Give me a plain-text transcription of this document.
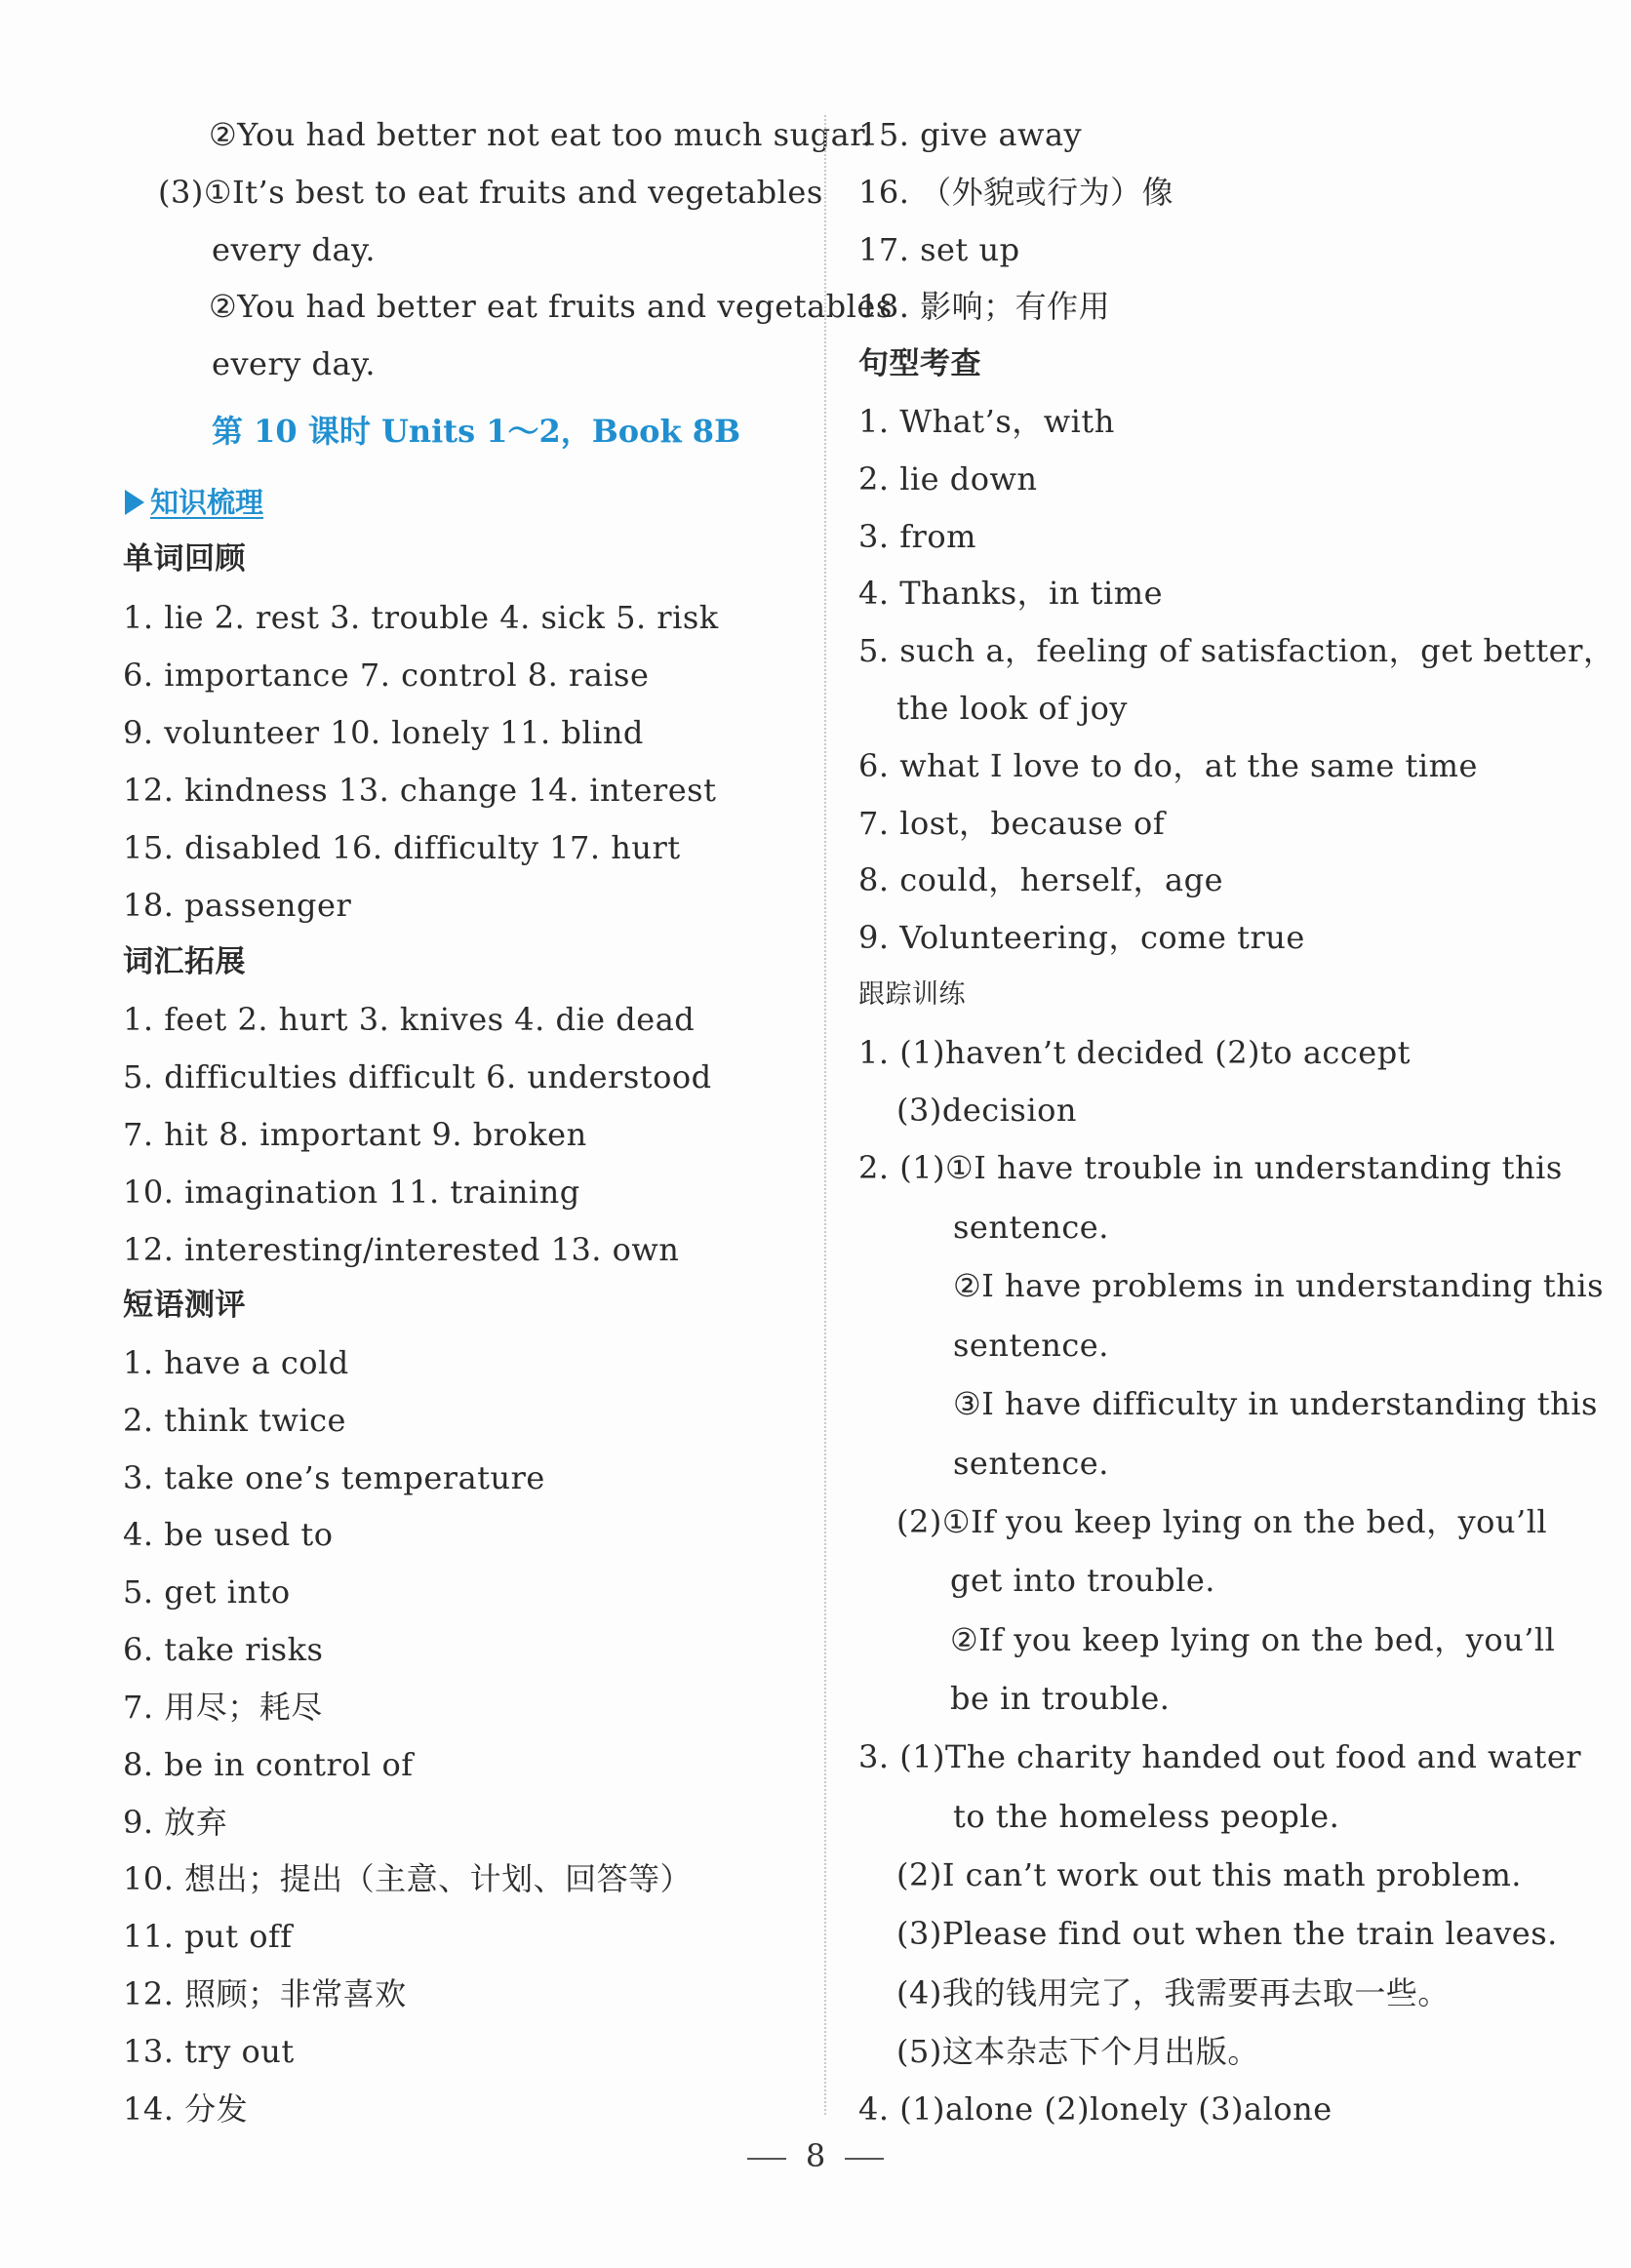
②You had better not eat too much sugar.
(3)①It’s best to eat fruits and vegetables
every day.
②You had better eat fruits and vegetables
every day.
第 10 课时 Units 1～2，Book 8B
知识梳理
单词回顾
1. lie 2. rest 3. trouble 4. sick 5. risk
6. importance 7. control 8. raise
9. volunteer 10. lonely 11. blind
12. kindness 13. change 14. interest
15. disabled 16. difficulty 17. hurt
18. passenger
词汇拓展
1. feet 2. hurt 3. knives 4. die dead
5. difficulties difficult 6. understood
7. hit 8. important 9. broken
10. imagination 11. training
12. interesting/interested 13. own
短语测评
1. have a cold
2. think twice
3. take one’s temperature
4. be used to
5. get into
6. take risks
7. 用尽；耗尽
8. be in control of
9. 放弃
10. 想出；提出（主意、计划、回答等）
11. put off
12. 照顾；非常喜欢
13. try out
14. 分发
15. give away
16. （外貌或行为）像
17. set up
18. 影响；有作用
句型考查
1. What’s，with
2. lie down
3. from
4. Thanks，in time
5. such a，feeling of satisfaction，get better，
the look of joy
6. what I love to do，at the same time
7. lost，because of
8. could，herself，age
9. Volunteering，come true
跟踪训练
1. (1)haven’t decided (2)to accept
(3)decision
2. (1)①I have trouble in understanding this
sentence.
②I have problems in understanding this
sentence.
③I have difficulty in understanding this
sentence.
(2)①If you keep lying on the bed，you’ll
get into trouble.
②If you keep lying on the bed，you’ll
be in trouble.
3. (1)The charity handed out food and water
to the homeless people.
(2)I can’t work out this math problem.
(3)Please find out when the train leaves.
(4)我的钱用完了，我需要再去取一些。
(5)这本杂志下个月出版。
4. (1)alone (2)lonely (3)alone
8
